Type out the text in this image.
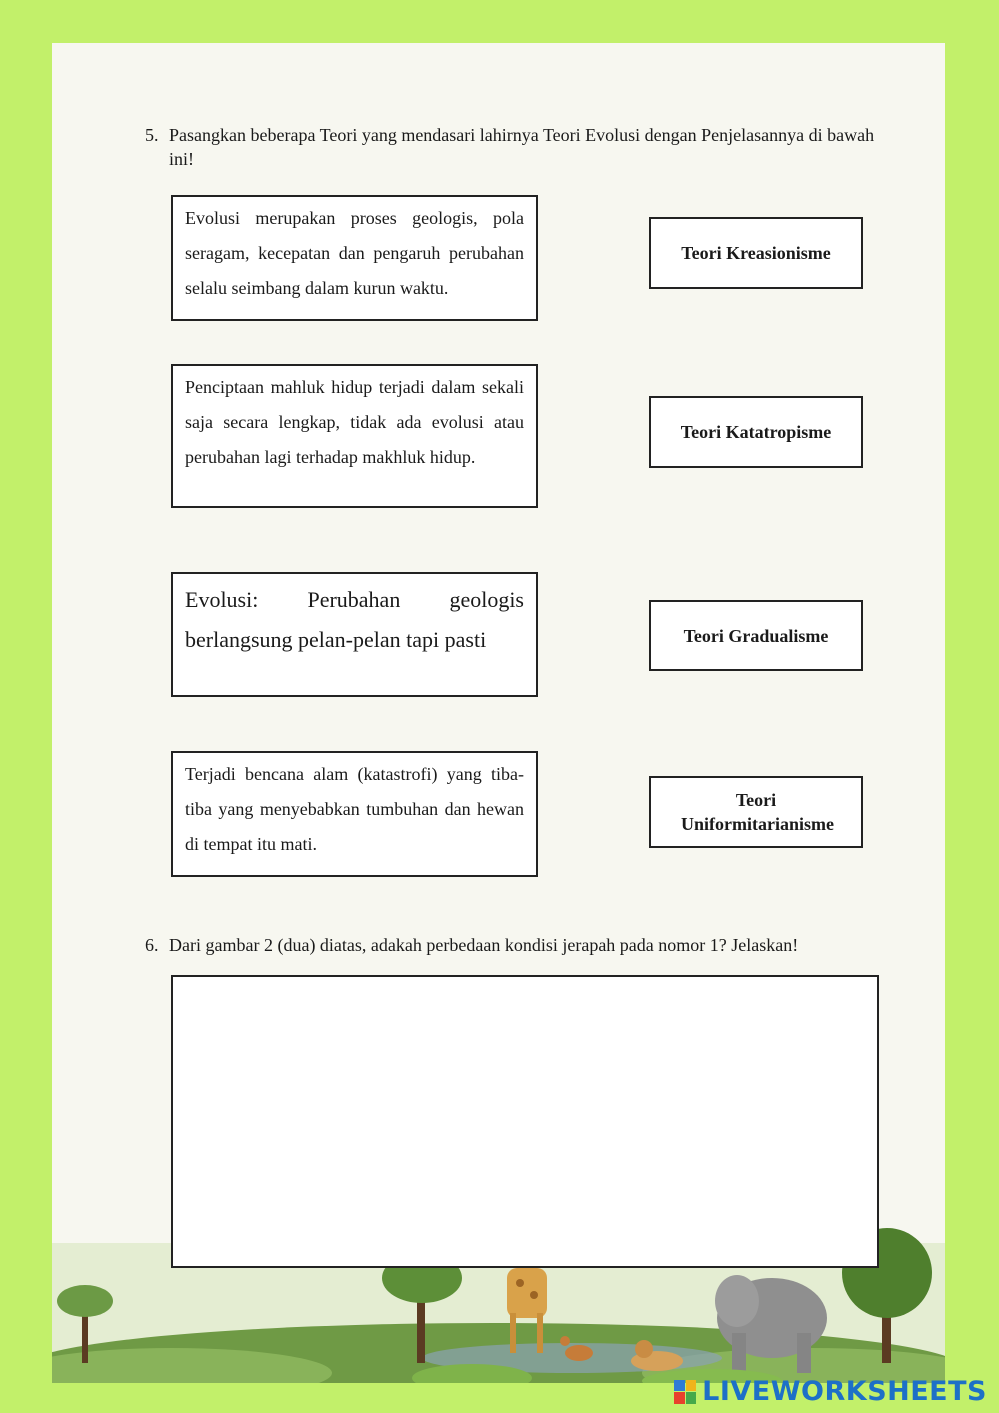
5. Pasangkan beberapa Teori yang mendasari lahirnya Teori Evolusi dengan Penjelasannya di bawah ini!
Evolusi merupakan proses geologis, pola seragam, kecepatan dan pengaruh perubahan selalu seimbang dalam kurun waktu.
Penciptaan mahluk hidup terjadi dalam sekali saja secara lengkap, tidak ada evolusi atau perubahan lagi terhadap makhluk hidup.
Evolusi: Perubahan geologis berlangsung pelan-pelan tapi pasti
Terjadi bencana alam (katastrofi) yang tiba-tiba yang menyebabkan tumbuhan dan hewan di tempat itu mati.
Teori Kreasionisme
Teori Katatropisme
Teori Gradualisme
Teori Uniformitarianisme
6. Dari gambar 2 (dua) diatas, adakah perbedaan kondisi jerapah pada nomor 1? Jelaskan!
LIVEWORKSHEETS
